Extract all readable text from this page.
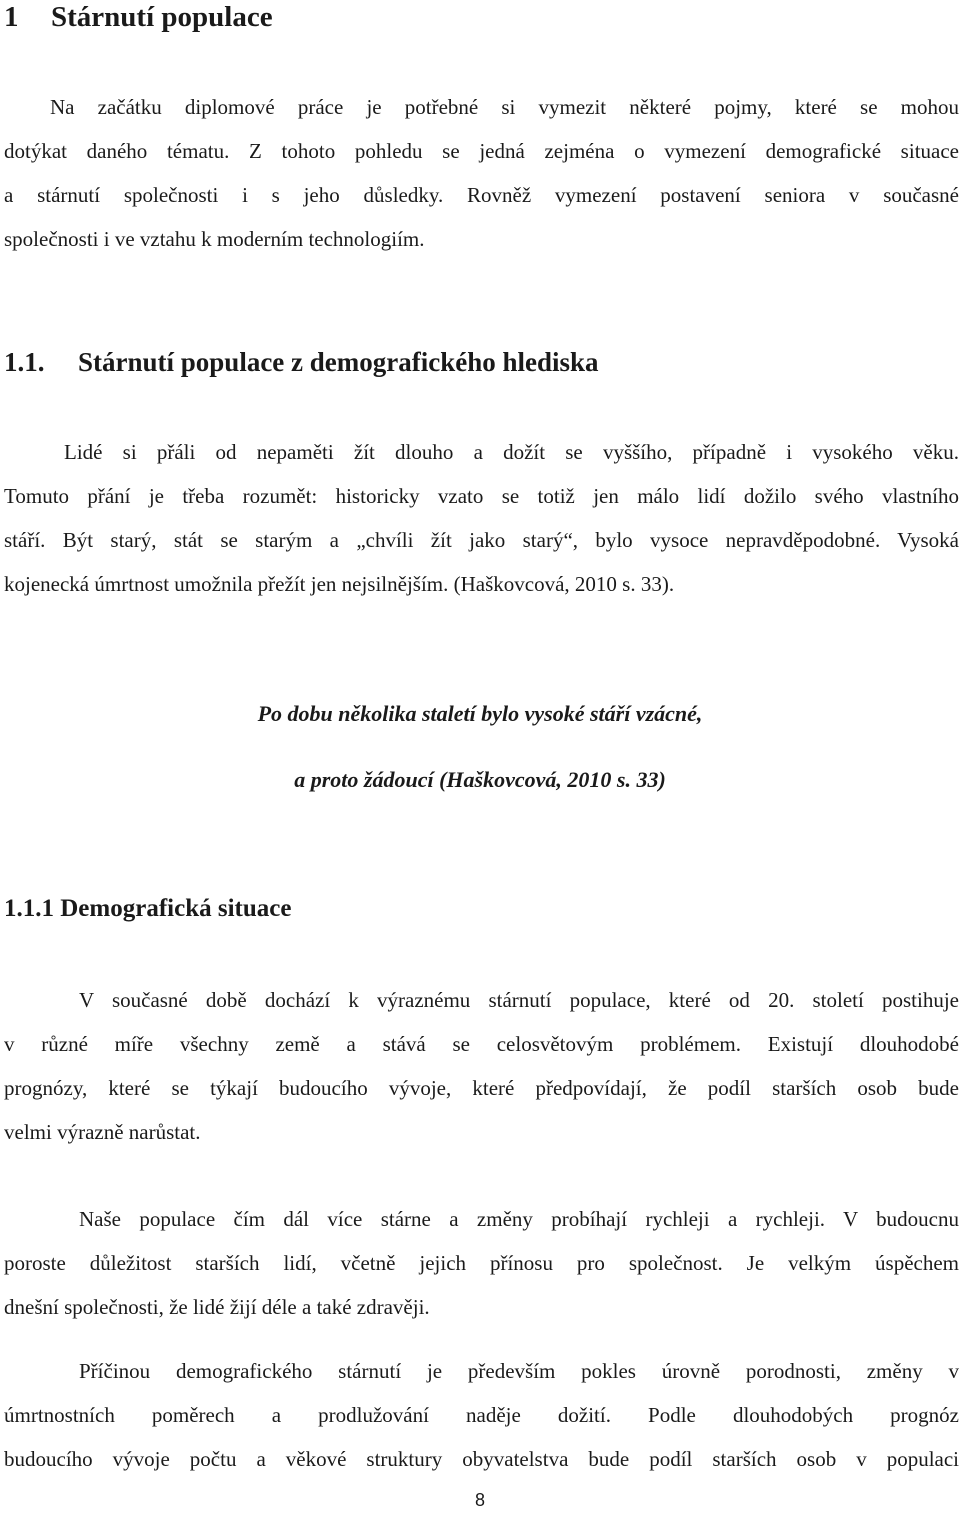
1 Stárnutí populace
Na začátku diplomové práce je potřebné si vymezit některé pojmy, které se mohou
dotýkat daného tématu. Z tohoto pohledu se jedná zejména o vymezení demografické situace
a stárnutí společnosti i s jeho důsledky. Rovněž vymezení postavení seniora v současné
společnosti i ve vztahu k moderním technologiím.
1.1. Stárnutí populace z demografického hlediska
Lidé si přáli od nepaměti žít dlouho a dožít se vyššího, případně i vysokého věku.
Tomuto přání je třeba rozumět: historicky vzato se totiž jen málo lidí dožilo svého vlastního
stáří. Být starý, stát se starým a „chvíli žít jako starý“, bylo vysoce nepravděpodobné. Vysoká
kojenecká úmrtnost umožnila přežít jen nejsilnějším. (Haškovcová, 2010 s. 33).

Po dobu několika staletí bylo vysoké stáří vzácné,

a proto žádoucí (Haškovcová, 2010 s. 33)

1.1.1 Demografická situace
V současné době dochází k výraznému stárnutí populace, které od 20. století postihuje
v různé míře všechny země a stává se celosvětovým problémem. Existují dlouhodobé
prognózy, které se týkají budoucího vývoje, které předpovídají, že podíl starších osob bude
velmi výrazně narůstat.
Naše populace čím dál více stárne a změny probíhají rychleji a rychleji. V budoucnu
poroste důležitost starších lidí, včetně jejich přínosu pro společnost. Je velkým úspěchem
dnešní společnosti, že lidé žijí déle a také zdravěji.
Příčinou demografického stárnutí je především pokles úrovně porodnosti, změny v
úmrtnostních poměrech a prodlužování naděje dožití. Podle dlouhodobých prognóz
budoucího vývoje počtu a věkové struktury obyvatelstva bude podíl starších osob v populaci
8
